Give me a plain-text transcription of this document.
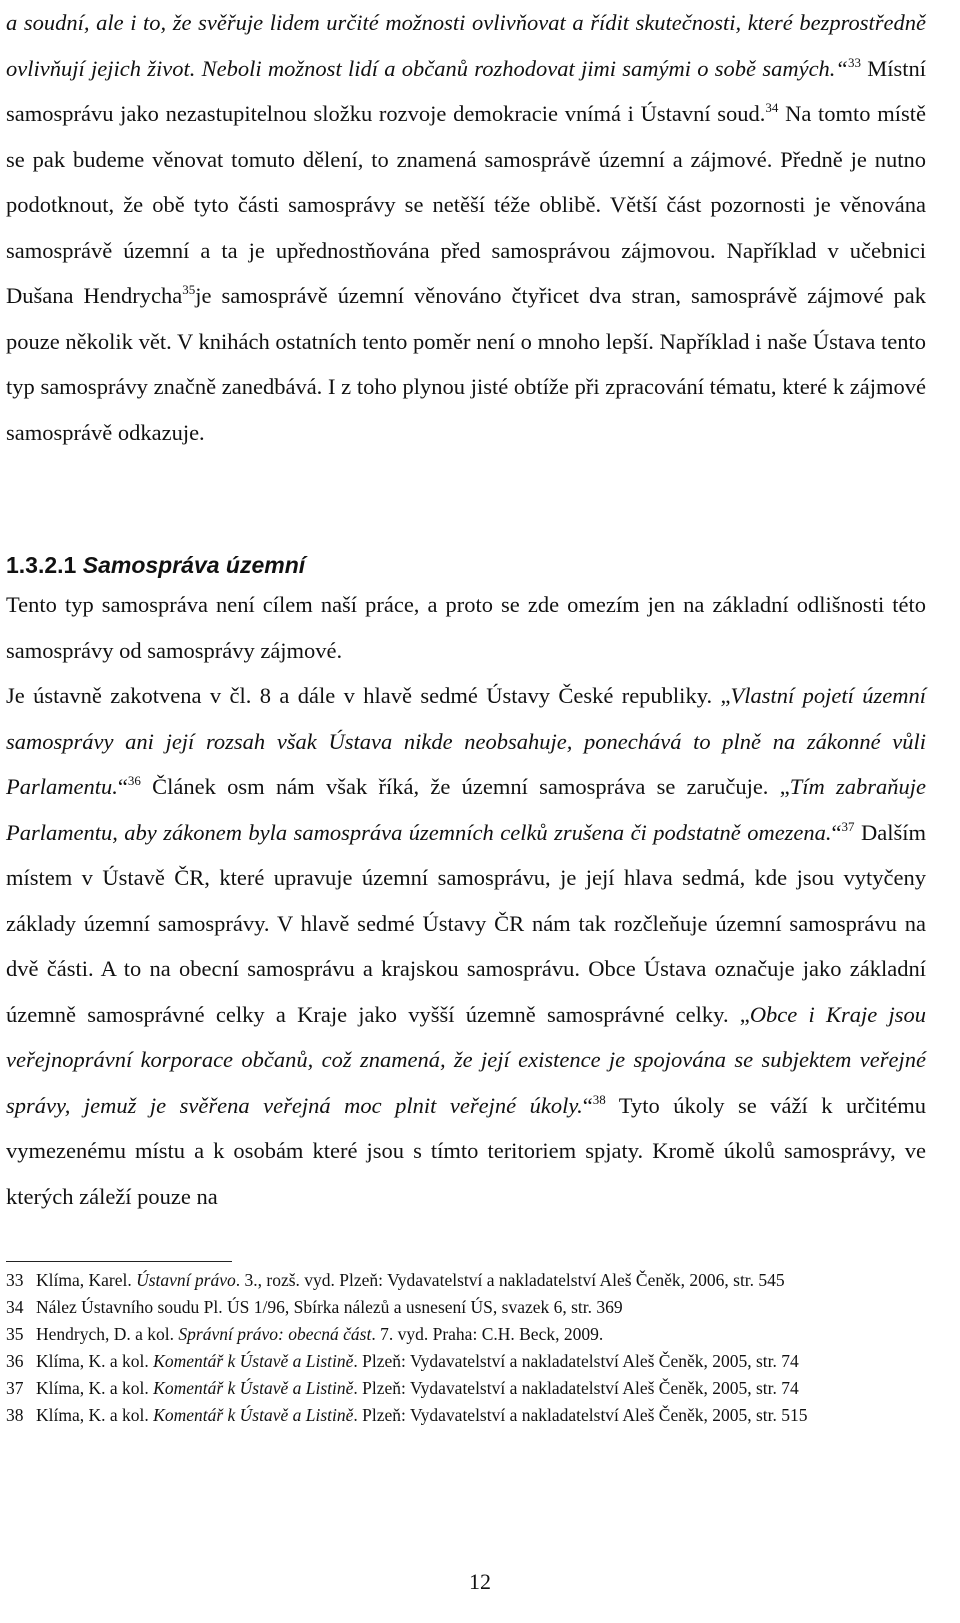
a soudní, ale i to, že svěřuje lidem určité možnosti ovlivňovat a řídit skutečnosti, které bezprostředně ovlivňují jejich život. Neboli možnost lidí a občanů rozhodovat jimi samými o sobě samých.“$^{33}$ Místní samosprávu jako nezastupitelnou složku rozvoje demokracie vnímá i Ústavní soud.$^{34}$ Na tomto místě se pak budeme věnovat tomuto dělení, to znamená samosprávě územní a zájmové. Předně je nutno podotknout, že obě tyto části samosprávy se netěší téže oblibě. Větší část pozornosti je věnována samosprávě územní a ta je upřednostňována před samosprávou zájmovou. Například v učebnici Dušana Hendrycha$^{35}$je samosprávě územní věnováno čtyřicet dva stran, samosprávě zájmové pak pouze několik vět. V knihách ostatních tento poměr není o mnoho lepší. Například i naše Ústava tento typ samosprávy značně zanedbává. I z toho plynou jisté obtíže při zpracování tématu, které k zájmové samosprávě odkazuje.

1.3.2.1 Samospráva územní

Tento typ samospráva není cílem naší práce, a proto se zde omezím jen na základní odlišnosti této samosprávy od samosprávy zájmové.

Je ústavně zakotvena v čl. 8 a dále v hlavě sedmé Ústavy České republiky. „Vlastní pojetí územní samosprávy ani její rozsah však Ústava nikde neobsahuje, ponechává to plně na zákonné vůli Parlamentu.“$^{36}$ Článek osm nám však říká, že územní samospráva se zaručuje. „Tím zabraňuje Parlamentu, aby zákonem byla samospráva územních celků zrušena či podstatně omezena.“$^{37}$ Dalším místem v Ústavě ČR, které upravuje územní samosprávu, je její hlava sedmá, kde jsou vytyčeny základy územní samosprávy. V hlavě sedmé Ústavy ČR nám tak rozčleňuje územní samosprávu na dvě části. A to na obecní samosprávu a krajskou samosprávu. Obce Ústava označuje jako základní územně samosprávné celky a Kraje jako vyšší územně samosprávné celky. „Obce i Kraje jsou veřejnoprávní korporace občanů, což znamená, že její existence je spojována se subjektem veřejné správy, jemuž je svěřena veřejná moc plnit veřejné úkoly.“$^{38}$ Tyto úkoly se váží k určitému vymezenému místu a k osobám které jsou s tímto teritoriem spjaty. Kromě úkolů samosprávy, ve kterých záleží pouze na

33 Klíma, Karel. Ústavní právo. 3., rozš. vyd. Plzeň: Vydavatelství a nakladatelství Aleš Čeněk, 2006, str. 545
34 Nález Ústavního soudu Pl. ÚS 1/96, Sbírka nálezů a usnesení ÚS, svazek 6, str. 369
35 Hendrych, D. a kol. Správní právo: obecná část. 7. vyd. Praha: C.H. Beck, 2009.
36 Klíma, K. a kol. Komentář k Ústavě a Listině. Plzeň: Vydavatelství a nakladatelství Aleš Čeněk, 2005, str. 74
37 Klíma, K. a kol. Komentář k Ústavě a Listině. Plzeň: Vydavatelství a nakladatelství Aleš Čeněk, 2005, str. 74
38 Klíma, K. a kol. Komentář k Ústavě a Listině. Plzeň: Vydavatelství a nakladatelství Aleš Čeněk, 2005, str. 515
12
